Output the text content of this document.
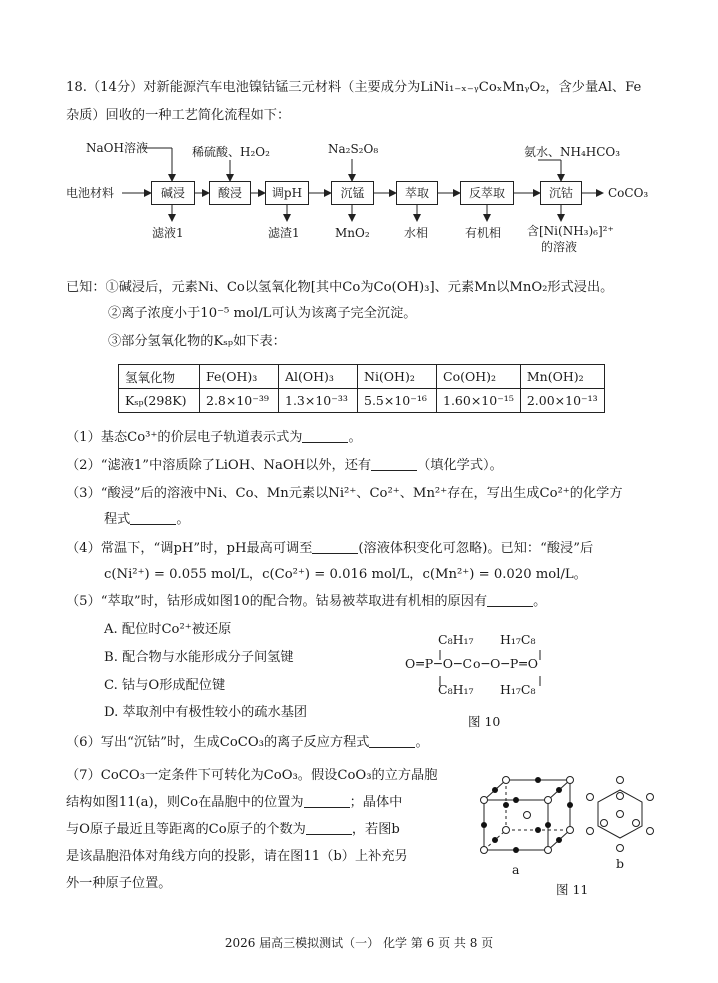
18.（14分）对新能源汽车电池镍钴锰三元材料（主要成分为LiNi₁₋ₓ₋ᵧCoₓMnᵧO₂，含少量Al、Fe
杂质）回收的一种工艺简化流程如下：
电池材料	碱浸	酸浸	调pH	沉锰	萃取	反萃取	沉钴	CoCO₃
NaOH溶液	稀硫酸、H₂O₂	Na₂S₂O₈	氨水、NH₄HCO₃
滤液1	滤渣1	MnO₂	水相	有机相 含[Ni(NH₃)₆]²⁺
的溶液
已知：①碱浸后，元素Ni、Co以氢氧化物[其中Co为Co(OH)₃]、元素Mn以MnO₂形式浸出。
②离子浓度小于10⁻⁵ mol/L可认为该离子完全沉淀。
③部分氢氧化物的Kₛₚ如下表：
氢氧化物	Fe(OH)₃	Al(OH)₃	Ni(OH)₂	Co(OH)₂	Mn(OH)₂
Kₛₚ(298K)	2.8×10⁻³⁹	1.3×10⁻³³	5.5×10⁻¹⁶	1.60×10⁻¹⁵	2.00×10⁻¹³
（1）基态Co³⁺的价层电子轨道表示式为	。
（2）“滤液1”中溶质除了LiOH、NaOH以外，还有	（填化学式）。
（3）“酸浸”后的溶液中Ni、Co、Mn元素以Ni²⁺、Co²⁺、Mn²⁺存在，写出生成Co²⁺的化学方
程式	。
（4）常温下，“调pH”时，pH最高可调至	(溶液体积变化可忽略)。已知：“酸浸”后
c(Ni²⁺) = 0.055 mol/L，c(Co²⁺) = 0.016 mol/L，c(Mn²⁺) = 0.020 mol/L。
（5）“萃取”时，钴形成如图10的配合物。钴易被萃取进有机相的原因有	。
A. 配位时Co²⁺被还原
B. 配合物与水能形成分子间氢键
C. 钴与O形成配位键
D. 萃取剂中有极性较小的疏水基团
C₈H₁₇ H₁₇C₈
O═P─O─Co─O─P═O
C₈H₁₇ H₁₇C₈
图 10
（6）写出“沉钴”时，生成CoCO₃的离子反应方程式	。
（7）CoCO₃一定条件下可转化为CoO₃。假设CoO₃的立方晶胞
结构如图11(a)，则Co在晶胞中的位置为	；晶体中
与O原子最近且等距离的Co原子的个数为	，若图b
是该晶胞沿体对角线方向的投影，请在图11（b）上补充另
外一种原子位置。
a	b
图 11
2026 届高三模拟测试（一） 化学 第 6 页 共 8 页
